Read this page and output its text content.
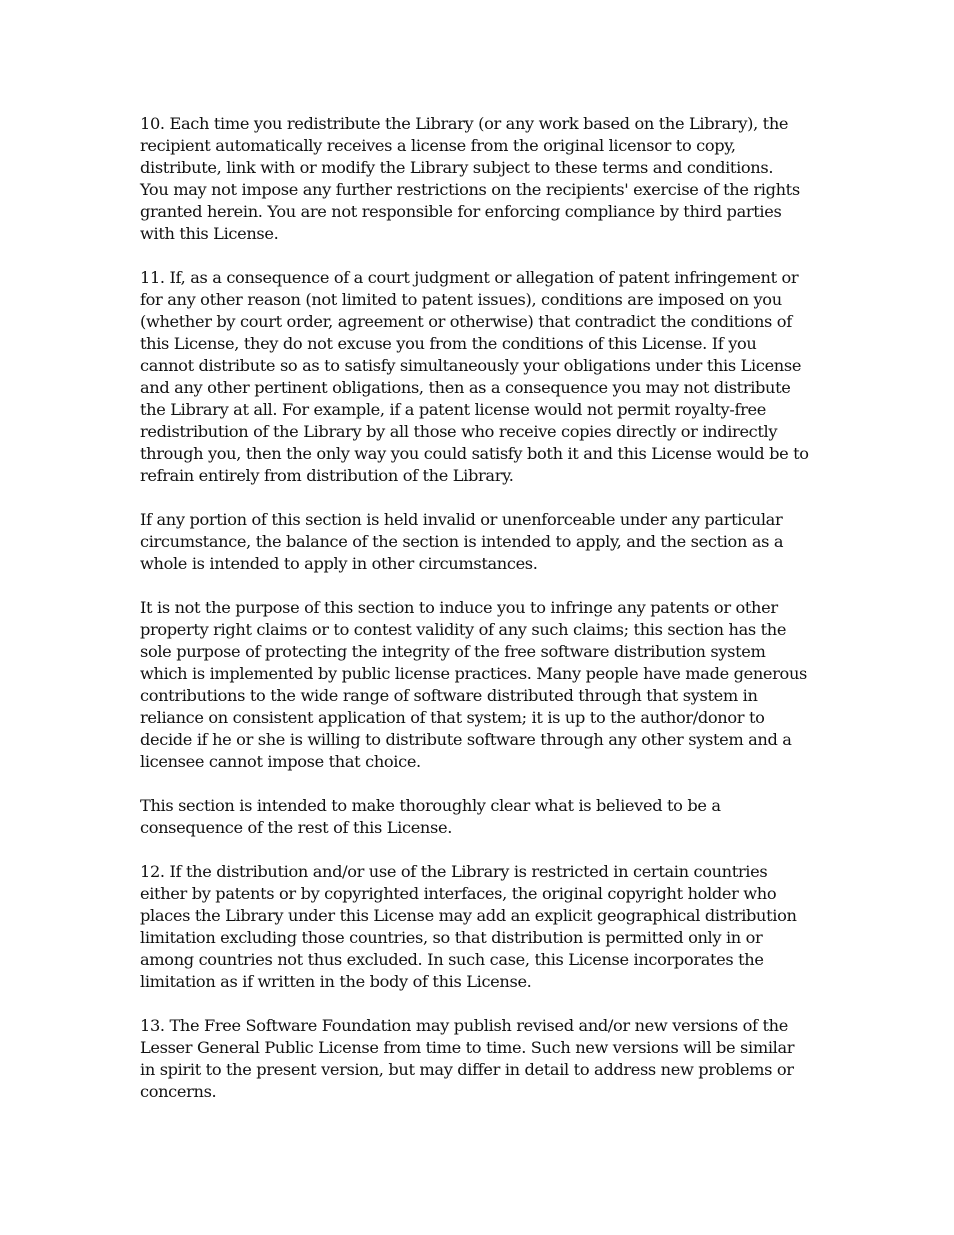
10. Each time you redistribute the Library (or any work based on the Library), the
recipient automatically receives a license from the original licensor to copy,
distribute, link with or modify the Library subject to these terms and conditions.
You may not impose any further restrictions on the recipients' exercise of the rights
granted herein. You are not responsible for enforcing compliance by third parties
with this License.

11. If, as a consequence of a court judgment or allegation of patent infringement or
for any other reason (not limited to patent issues), conditions are imposed on you
(whether by court order, agreement or otherwise) that contradict the conditions of
this License, they do not excuse you from the conditions of this License. If you
cannot distribute so as to satisfy simultaneously your obligations under this License
and any other pertinent obligations, then as a consequence you may not distribute
the Library at all. For example, if a patent license would not permit royalty-free
redistribution of the Library by all those who receive copies directly or indirectly
through you, then the only way you could satisfy both it and this License would be to
refrain entirely from distribution of the Library.

If any portion of this section is held invalid or unenforceable under any particular
circumstance, the balance of the section is intended to apply, and the section as a
whole is intended to apply in other circumstances.

It is not the purpose of this section to induce you to infringe any patents or other
property right claims or to contest validity of any such claims; this section has the
sole purpose of protecting the integrity of the free software distribution system
which is implemented by public license practices. Many people have made generous
contributions to the wide range of software distributed through that system in
reliance on consistent application of that system; it is up to the author/donor to
decide if he or she is willing to distribute software through any other system and a
licensee cannot impose that choice.

This section is intended to make thoroughly clear what is believed to be a
consequence of the rest of this License.

12. If the distribution and/or use of the Library is restricted in certain countries
either by patents or by copyrighted interfaces, the original copyright holder who
places the Library under this License may add an explicit geographical distribution
limitation excluding those countries, so that distribution is permitted only in or
among countries not thus excluded. In such case, this License incorporates the
limitation as if written in the body of this License.

13. The Free Software Foundation may publish revised and/or new versions of the
Lesser General Public License from time to time. Such new versions will be similar
in spirit to the present version, but may differ in detail to address new problems or
concerns.
